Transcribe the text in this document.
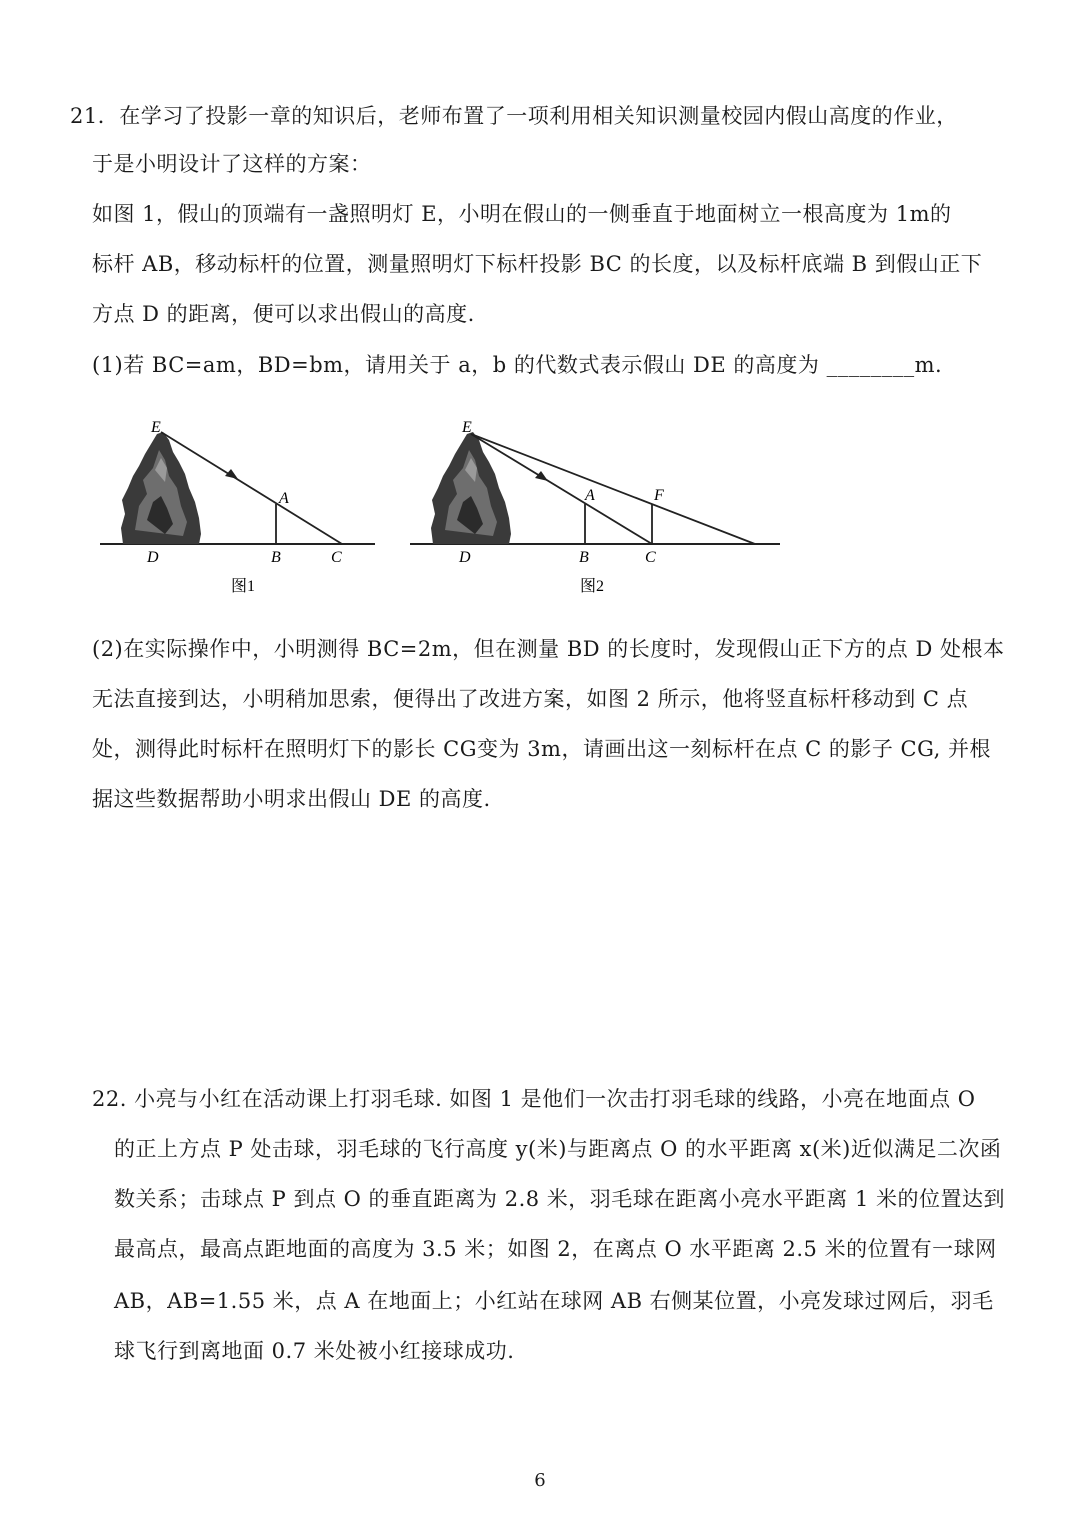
21．在学习了投影一章的知识后，老师布置了一项利用相关知识测量校园内假山高度的作业，
于是小明设计了这样的方案：
如图 1，假山的顶端有一盏照明灯 E，小明在假山的一侧垂直于地面树立一根高度为 1m的
标杆 AB，移动标杆的位置，测量照明灯下标杆投影 BC 的长度，以及标杆底端 B 到假山正下
方点 D 的距离，便可以求出假山的高度.
(1)若 BC=am，BD=bm，请用关于 a，b 的代数式表示假山 DE 的高度为 ________m.
E
A
D	B	C
图1
E
A	F
D	B	C
图2
(2)在实际操作中，小明测得 BC=2m，但在测量 BD 的长度时，发现假山正下方的点 D 处根本
无法直接到达，小明稍加思索，便得出了改进方案，如图 2 所示，他将竖直标杆移动到 C 点
处，测得此时标杆在照明灯下的影长 CG变为 3m，请画出这一刻标杆在点 C 的影子 CG, 并根
据这些数据帮助小明求出假山 DE 的高度.
22. 小亮与小红在活动课上打羽毛球. 如图 1 是他们一次击打羽毛球的线路，小亮在地面点 O
的正上方点 P 处击球，羽毛球的飞行高度 y(米)与距离点 O 的水平距离 x(米)近似满足二次函
数关系；击球点 P 到点 O 的垂直距离为 2.8 米，羽毛球在距离小亮水平距离 1 米的位置达到
最高点，最高点距地面的高度为 3.5 米；如图 2，在离点 O 水平距离 2.5 米的位置有一球网
AB，AB=1.55 米，点 A 在地面上；小红站在球网 AB 右侧某位置，小亮发球过网后，羽毛
球飞行到离地面 0.7 米处被小红接球成功.
6
